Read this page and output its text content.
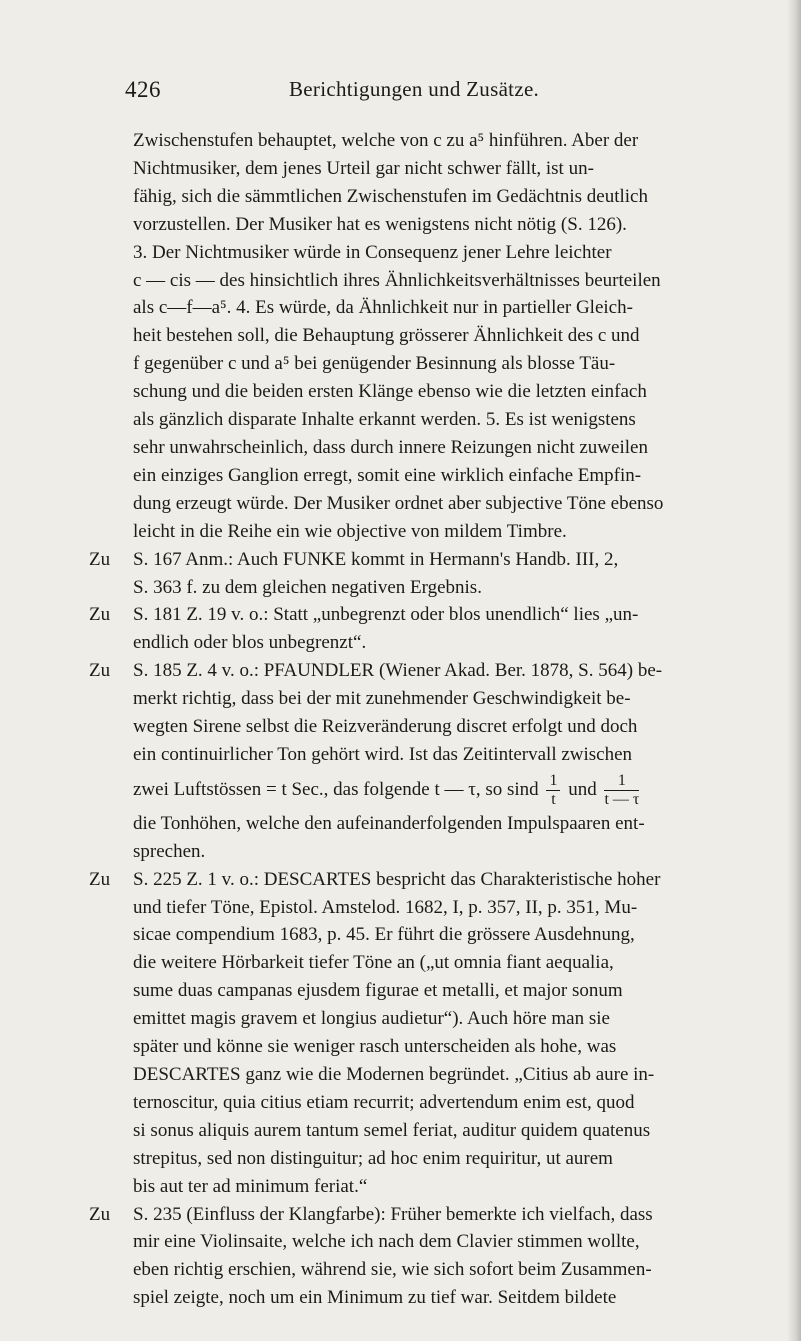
426	Berichtigungen und Zusätze.
Zwischenstufen behauptet, welche von c zu a⁵ hinführen. Aber der
Nichtmusiker, dem jenes Urteil gar nicht schwer fällt, ist un-
fähig, sich die sämmtlichen Zwischenstufen im Gedächtnis deutlich
vorzustellen. Der Musiker hat es wenigstens nicht nötig (S. 126).
3. Der Nichtmusiker würde in Consequenz jener Lehre leichter
c — cis — des hinsichtlich ihres Ähnlichkeitsverhältnisses beurteilen
als c—f—a⁵. 4. Es würde, da Ähnlichkeit nur in partieller Gleich-
heit bestehen soll, die Behauptung grösserer Ähnlichkeit des c und
f gegenüber c und a⁵ bei genügender Besinnung als blosse Täu-
schung und die beiden ersten Klänge ebenso wie die letzten einfach
als gänzlich disparate Inhalte erkannt werden. 5. Es ist wenigstens
sehr unwahrscheinlich, dass durch innere Reizungen nicht zuweilen
ein einziges Ganglion erregt, somit eine wirklich einfache Empfin-
dung erzeugt würde. Der Musiker ordnet aber subjective Töne ebenso
leicht in die Reihe ein wie objective von mildem Timbre.
Zu	S. 167 Anm.: Auch FUNKE kommt in Hermann's Handb. III, 2,
S. 363 f. zu dem gleichen negativen Ergebnis.
Zu	S. 181 Z. 19 v. o.: Statt „unbegrenzt oder blos unendlich“ lies „un-
endlich oder blos unbegrenzt“.
Zu	S. 185 Z. 4 v. o.: PFAUNDLER (Wiener Akad. Ber. 1878, S. 564) be-
merkt richtig, dass bei der mit zunehmender Geschwindigkeit be-
wegten Sirene selbst die Reizveränderung discret erfolgt und doch
ein continuirlicher Ton gehört wird. Ist das Zeitintervall zwischen
zwei Luftstössen = t Sec., das folgende t — τ, so sind $\frac{1}{t}$ und $\frac{1}{t — \tau}$
die Tonhöhen, welche den aufeinanderfolgenden Impulspaaren ent-
sprechen.
Zu	S. 225 Z. 1 v. o.: DESCARTES bespricht das Charakteristische hoher
und tiefer Töne, Epistol. Amstelod. 1682, I, p. 357, II, p. 351, Mu-
sicae compendium 1683, p. 45. Er führt die grössere Ausdehnung,
die weitere Hörbarkeit tiefer Töne an („ut omnia fiant aequalia,
sume duas campanas ejusdem figurae et metalli, et major sonum
emittet magis gravem et longius audietur“). Auch höre man sie
später und könne sie weniger rasch unterscheiden als hohe, was
DESCARTES ganz wie die Modernen begründet. „Citius ab aure in-
ternoscitur, quia citius etiam recurrit; advertendum enim est, quod
si sonus aliquis aurem tantum semel feriat, auditur quidem quatenus
strepitus, sed non distinguitur; ad hoc enim requiritur, ut aurem
bis aut ter ad minimum feriat.“
Zu	S. 235 (Einfluss der Klangfarbe): Früher bemerkte ich vielfach, dass
mir eine Violinsaite, welche ich nach dem Clavier stimmen wollte,
eben richtig erschien, während sie, wie sich sofort beim Zusammen-
spiel zeigte, noch um ein Minimum zu tief war. Seitdem bildete
